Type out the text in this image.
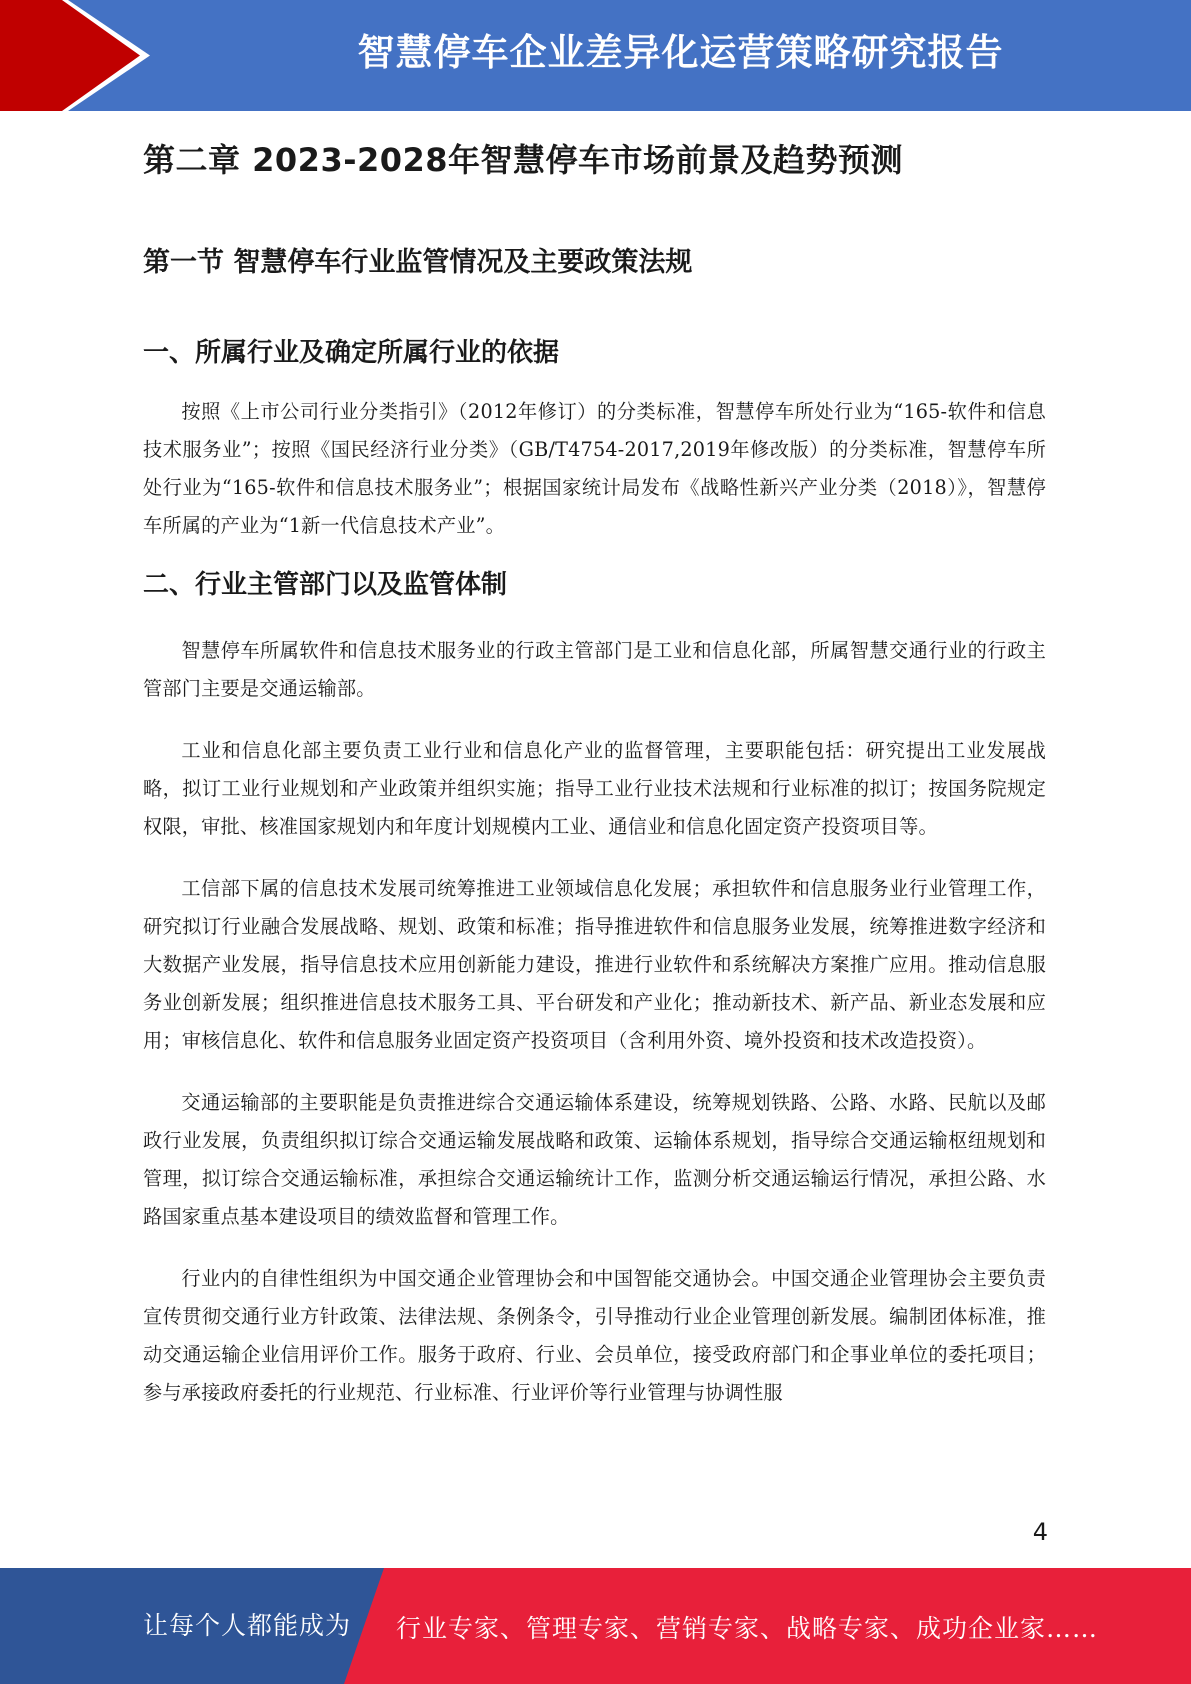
智慧停车企业差异化运营策略研究报告
第二章 2023-2028年智慧停车市场前景及趋势预测
第一节 智慧停车行业监管情况及主要政策法规
一、所属行业及确定所属行业的依据

按照《上市公司行业分类指引》（2012年修订）的分类标准，智慧停车所处行业为“165-软件和信息技术服务业”；按照《国民经济行业分类》（GB/T4754-2017,2019年修改版）的分类标准，智慧停车所处行业为“165-软件和信息技术服务业”；根据国家统计局发布《战略性新兴产业分类（2018）》，智慧停车所属的产业为“1新一代信息技术产业”。

二、行业主管部门以及监管体制

智慧停车所属软件和信息技术服务业的行政主管部门是工业和信息化部，所属智慧交通行业的行政主管部门主要是交通运输部。

工业和信息化部主要负责工业行业和信息化产业的监督管理，主要职能包括：研究提出工业发展战略，拟订工业行业规划和产业政策并组织实施；指导工业行业技术法规和行业标准的拟订；按国务院规定权限，审批、核准国家规划内和年度计划规模内工业、通信业和信息化固定资产投资项目等。

工信部下属的信息技术发展司统筹推进工业领域信息化发展；承担软件和信息服务业行业管理工作，研究拟订行业融合发展战略、规划、政策和标准；指导推进软件和信息服务业发展，统筹推进数字经济和大数据产业发展，指导信息技术应用创新能力建设，推进行业软件和系统解决方案推广应用。推动信息服务业创新发展；组织推进信息技术服务工具、平台研发和产业化；推动新技术、新产品、新业态发展和应用；审核信息化、软件和信息服务业固定资产投资项目（含利用外资、境外投资和技术改造投资）。

交通运输部的主要职能是负责推进综合交通运输体系建设，统筹规划铁路、公路、水路、民航以及邮政行业发展，负责组织拟订综合交通运输发展战略和政策、运输体系规划，指导综合交通运输枢纽规划和管理，拟订综合交通运输标准，承担综合交通运输统计工作，监测分析交通运输运行情况，承担公路、水路国家重点基本建设项目的绩效监督和管理工作。

行业内的自律性组织为中国交通企业管理协会和中国智能交通协会。中国交通企业管理协会主要负责宣传贯彻交通行业方针政策、法律法规、条例条令，引导推动行业企业管理创新发展。编制团体标准，推动交通运输企业信用评价工作。服务于政府、行业、会员单位，接受政府部门和企事业单位的委托项目；参与承接政府委托的行业规范、行业标准、行业评价等行业管理与协调性服

4
让每个人都能成为 行业专家、管理专家、营销专家、战略专家、成功企业家……
